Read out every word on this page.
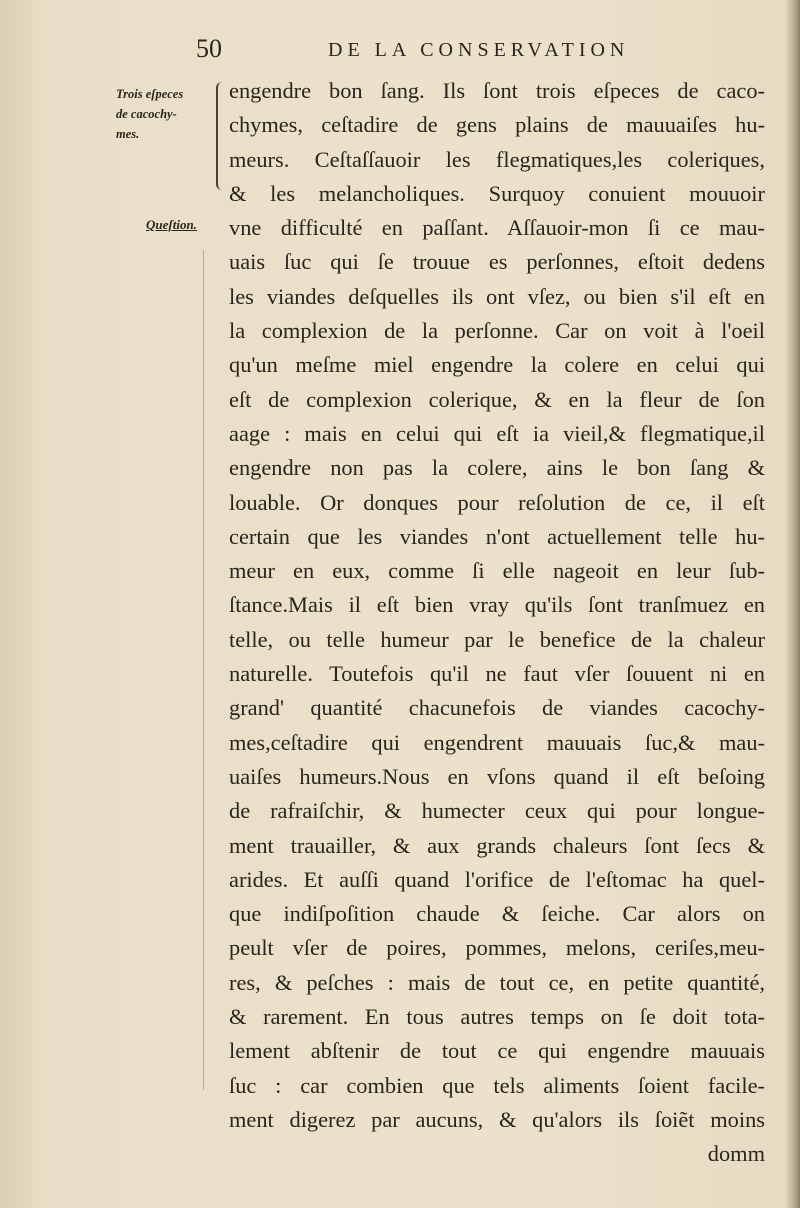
50	DE LA CONSERVATION
Trois eſpeces
de cacochy-
mes.
Queſtion.
engendre bon ſang. Ils ſont trois eſpeces de caco-
chymes, ceſtadire de gens plains de mauuaiſes hu-
meurs. Ceſtaſſauoir les flegmatiques,les coleriques,
& les melancholiques. Surquoy conuient mouuoir
vne difficulté en paſſant. Aſſauoir-mon ſi ce mau-
uais ſuc qui ſe trouue es perſonnes, eſtoit dedens
les viandes deſquelles ils ont vſez, ou bien s'il eſt en
la complexion de la perſonne. Car on voit à l'oeil
qu'un meſme miel engendre la colere en celui qui
eſt de complexion colerique, & en la fleur de ſon
aage : mais en celui qui eſt ia vieil,& flegmatique,il
engendre non pas la colere, ains le bon ſang &
louable. Or donques pour reſolution de ce, il eſt
certain que les viandes n'ont actuellement telle hu-
meur en eux, comme ſi elle nageoit en leur ſub-
ſtance.Mais il eſt bien vray qu'ils ſont tranſmuez en
telle, ou telle humeur par le benefice de la chaleur
naturelle. Toutefois qu'il ne faut vſer ſouuent ni en
grand' quantité chacunefois de viandes cacochy-
mes,ceſtadire qui engendrent mauuais ſuc,& mau-
uaiſes humeurs.Nous en vſons quand il eſt beſoing
de rafraiſchir, & humecter ceux qui pour longue-
ment trauailler, & aux grands chaleurs ſont ſecs &
arides. Et auſſi quand l'orifice de l'eſtomac ha quel-
que indiſpoſition chaude & ſeiche. Car alors on
peult vſer de poires, pommes, melons, ceriſes,meu-
res, & peſches : mais de tout ce, en petite quantité,
& rarement. En tous autres temps on ſe doit tota-
lement abſtenir de tout ce qui engendre mauuais
ſuc : car combien que tels aliments ſoient facile-
ment digerez par aucuns, & qu'alors ils ſoiẽt moins
domm
